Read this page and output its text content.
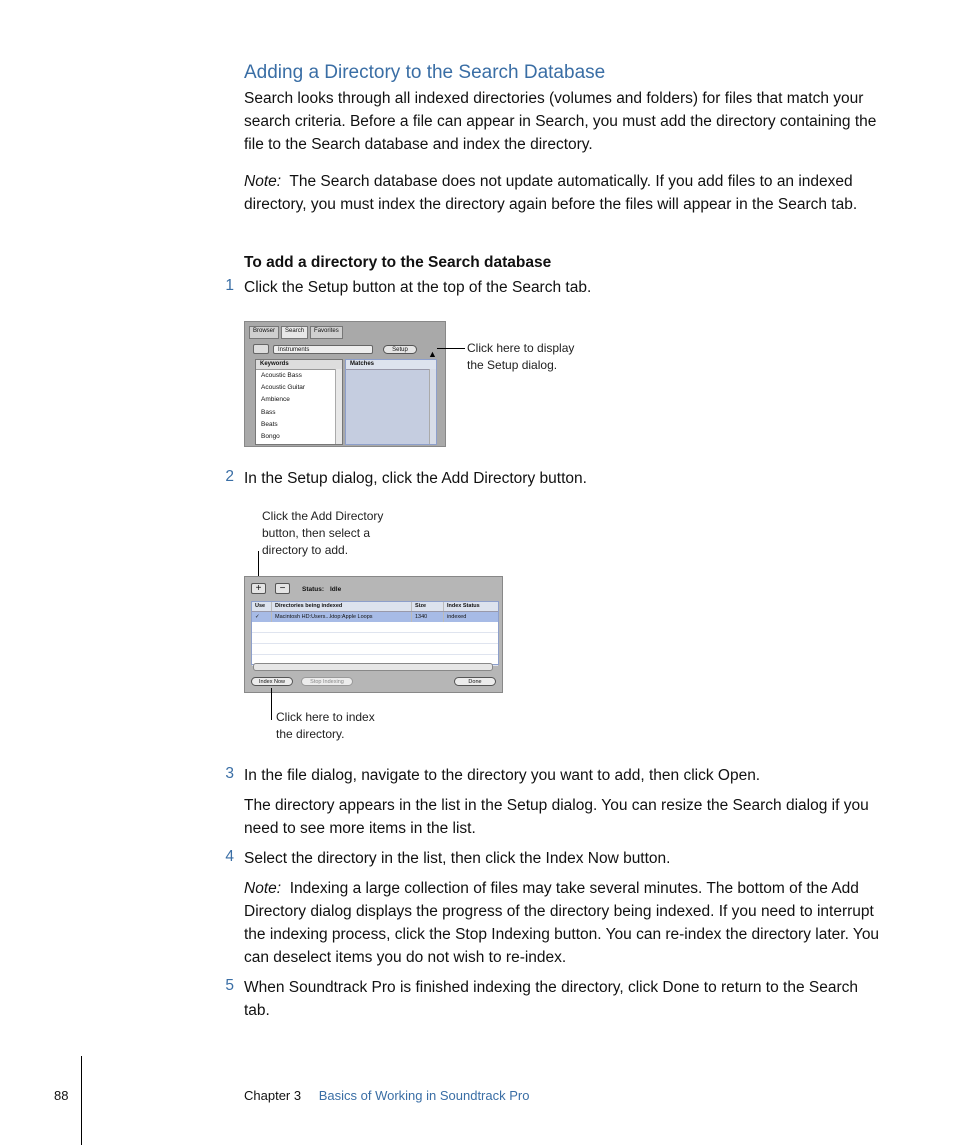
Adding a Directory to the Search Database
Search looks through all indexed directories (volumes and folders) for files that match your search criteria. Before a file can appear in Search, you must add the directory containing the file to the Search database and index the directory.
Note: The Search database does not update automatically. If you add files to an indexed directory, you must index the directory again before the files will appear in the Search tab.
To add a directory to the Search database
1 Click the Setup button at the top of the Search tab.
Browser	Search	Favorites
Instruments	Setup
Keywords
Acoustic Bass
Acoustic Guitar
Ambience
Bass
Beats
Bongo
Matches
▲	Click here to display
the Setup dialog.
2 In the Setup dialog, click the Add Directory button.
Click the Add Directory
button, then select a
directory to add.
+	−	Status: Idle
Use	Directories being indexed	Size	Index Status
✓	Macintosh HD:Users...ktop:Apple Loops	1340	indexed
Index Now	Stop Indexing	Done
Click here to index
the directory.
3 In the file dialog, navigate to the directory you want to add, then click Open.
The directory appears in the list in the Setup dialog. You can resize the Search dialog if you need to see more items in the list.
4 Select the directory in the list, then click the Index Now button.
Note: Indexing a large collection of files may take several minutes. The bottom of the Add Directory dialog displays the progress of the directory being indexed. If you need to interrupt the indexing process, click the Stop Indexing button. You can re-index the directory later. You can deselect items you do not wish to re-index.
5 When Soundtrack Pro is finished indexing the directory, click Done to return to the Search tab.
88	Chapter 3 Basics of Working in Soundtrack Pro
